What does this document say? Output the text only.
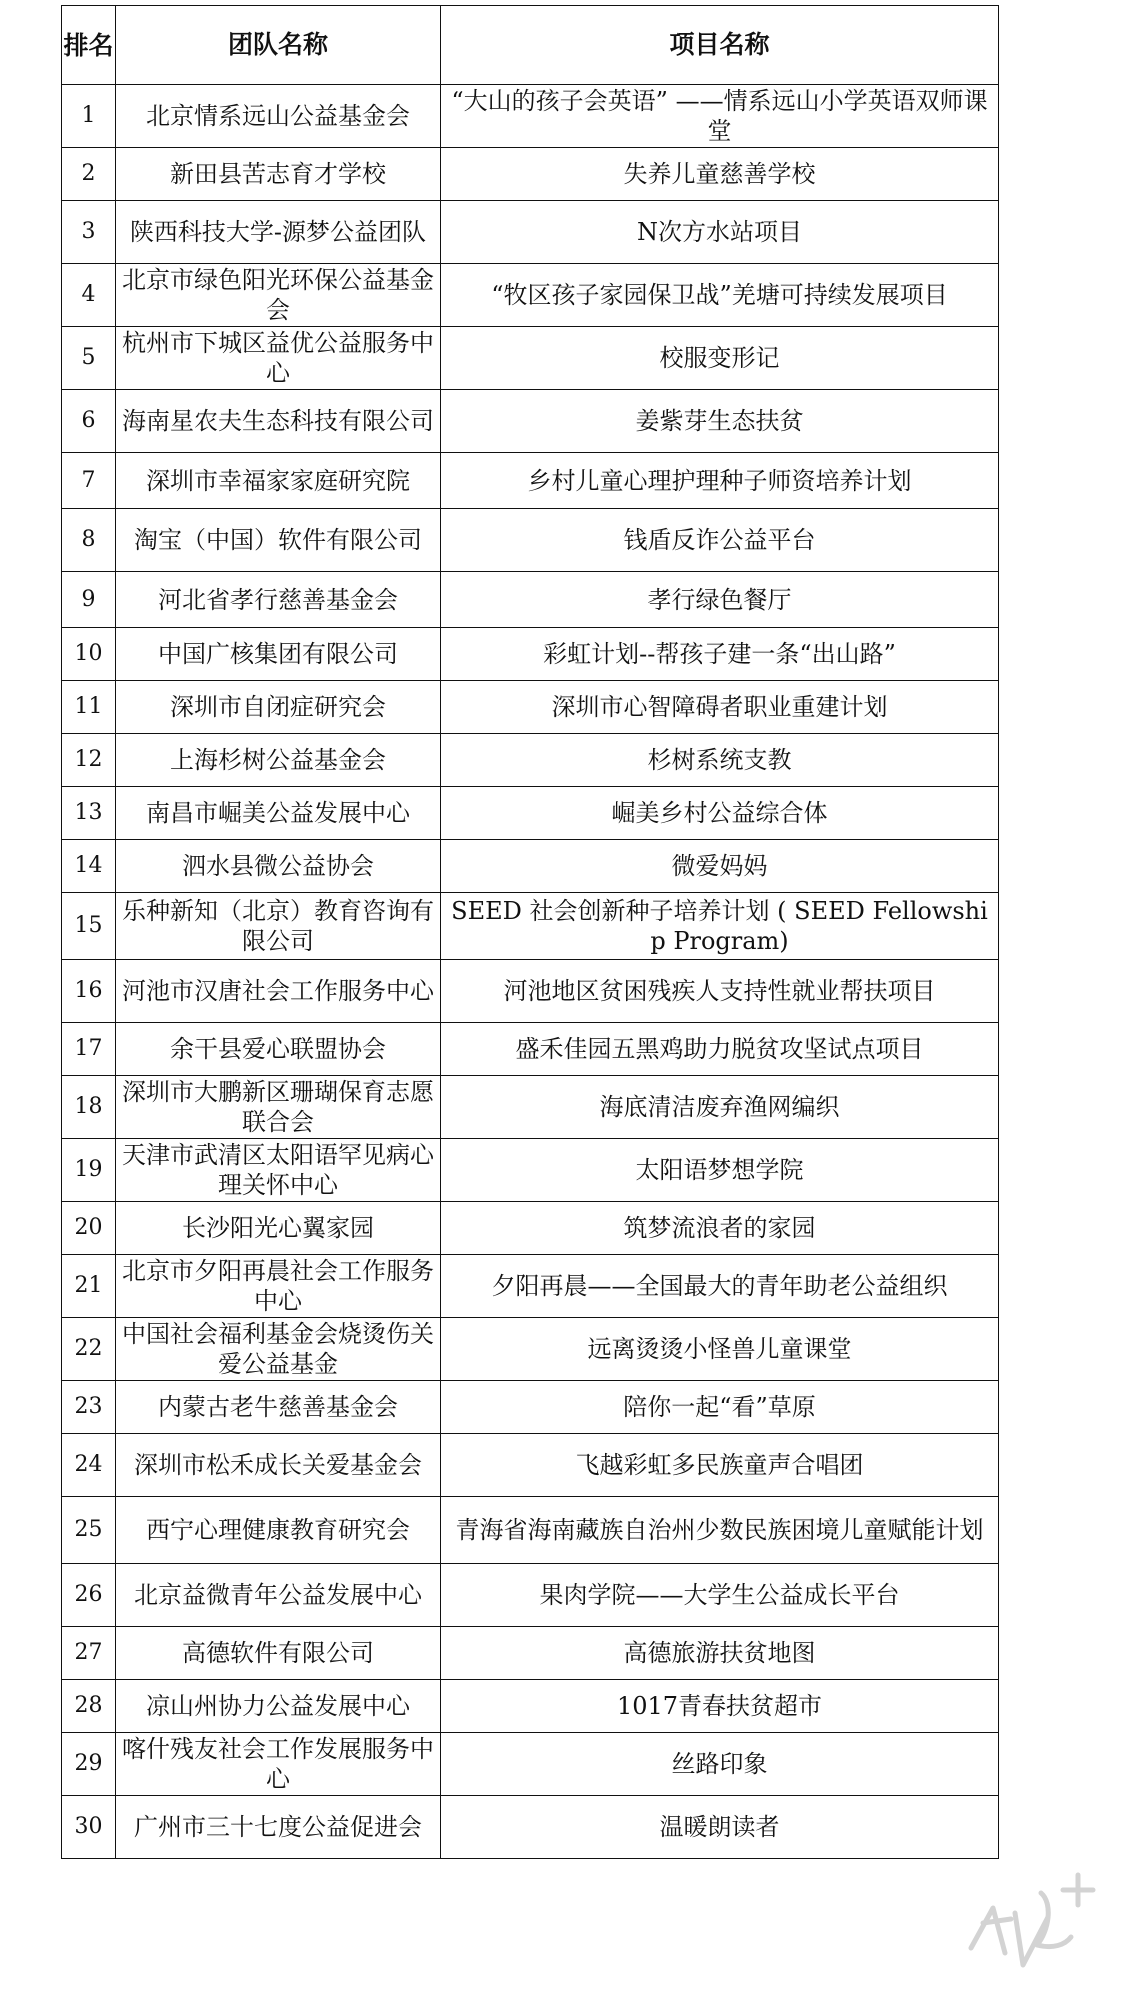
排名	团队名称	项目名称
1	北京情系远山公益基金会	“大山的孩子会英语” ——情系远山小学英语双师课堂
2	新田县苦志育才学校	失养儿童慈善学校
3	陕西科技大学-源梦公益团队	N次方水站项目
4	北京市绿色阳光环保公益基金会	“牧区孩子家园保卫战”羌塘可持续发展项目
5	杭州市下城区益优公益服务中心	校服变形记
6	海南星农夫生态科技有限公司	姜紫芽生态扶贫
7	深圳市幸福家家庭研究院	乡村儿童心理护理种子师资培养计划
8	淘宝（中国）软件有限公司	钱盾反诈公益平台
9	河北省孝行慈善基金会	孝行绿色餐厅
10	中国广核集团有限公司	彩虹计划--帮孩子建一条“出山路”
11	深圳市自闭症研究会	深圳市心智障碍者职业重建计划
12	上海杉树公益基金会	杉树系统支教
13	南昌市崛美公益发展中心	崛美乡村公益综合体
14	泗水县微公益协会	微爱妈妈
15	乐种新知（北京）教育咨询有限公司	SEED 社会创新种子培养计划 ( SEED Fellowship Program)
16	河池市汉唐社会工作服务中心	河池地区贫困残疾人支持性就业帮扶项目
17	余干县爱心联盟协会	盛禾佳园五黑鸡助力脱贫攻坚试点项目
18	深圳市大鹏新区珊瑚保育志愿联合会	海底清洁废弃渔网编织
19	天津市武清区太阳语罕见病心理关怀中心	太阳语梦想学院
20	长沙阳光心翼家园	筑梦流浪者的家园
21	北京市夕阳再晨社会工作服务中心	夕阳再晨——全国最大的青年助老公益组织
22	中国社会福利基金会烧烫伤关爱公益基金	远离烫烫小怪兽儿童课堂
23	内蒙古老牛慈善基金会	陪你一起“看”草原
24	深圳市松禾成长关爱基金会	飞越彩虹多民族童声合唱团
25	西宁心理健康教育研究会	青海省海南藏族自治州少数民族困境儿童赋能计划
26	北京益微青年公益发展中心	果肉学院——大学生公益成长平台
27	高德软件有限公司	高德旅游扶贫地图
28	凉山州协力公益发展中心	1017青春扶贫超市
29	喀什残友社会工作发展服务中心	丝路印象
30	广州市三十七度公益促进会	温暖朗读者
